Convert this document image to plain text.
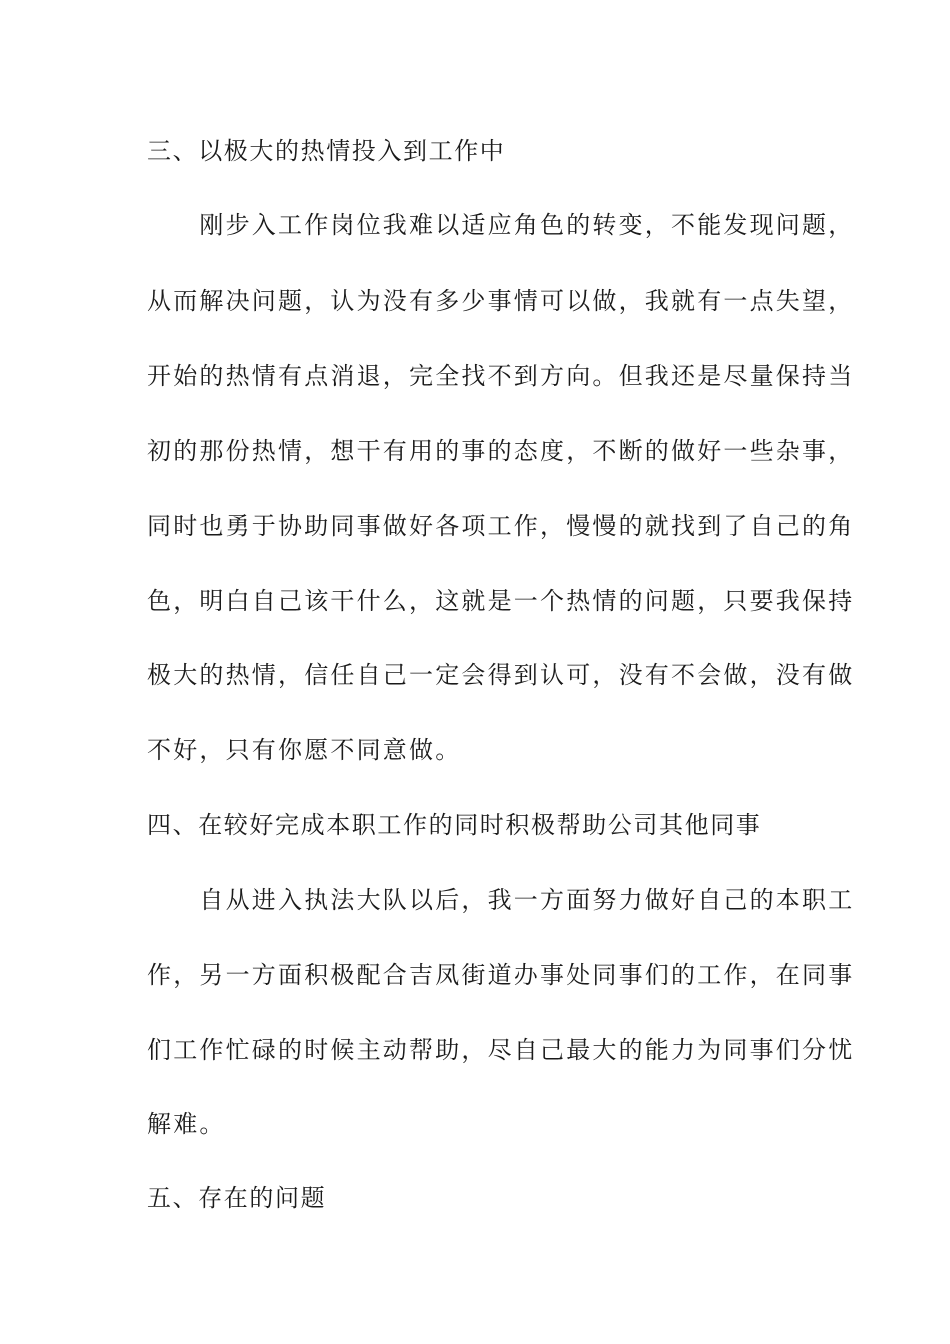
三、以极大的热情投入到工作中
　　刚步入工作岗位我难以适应角色的转变，不能发现问题，
从而解决问题，认为没有多少事情可以做，我就有一点失望，
开始的热情有点消退，完全找不到方向。但我还是尽量保持当
初的那份热情，想干有用的事的态度，不断的做好一些杂事，
同时也勇于协助同事做好各项工作，慢慢的就找到了自己的角
色，明白自己该干什么，这就是一个热情的问题，只要我保持
极大的热情，信任自己一定会得到认可，没有不会做，没有做
不好，只有你愿不同意做。
四、在较好完成本职工作的同时积极帮助公司其他同事
　　自从进入执法大队以后，我一方面努力做好自己的本职工
作，另一方面积极配合吉凤街道办事处同事们的工作，在同事
们工作忙碌的时候主动帮助，尽自己最大的能力为同事们分忧
解难。
五、存在的问题
